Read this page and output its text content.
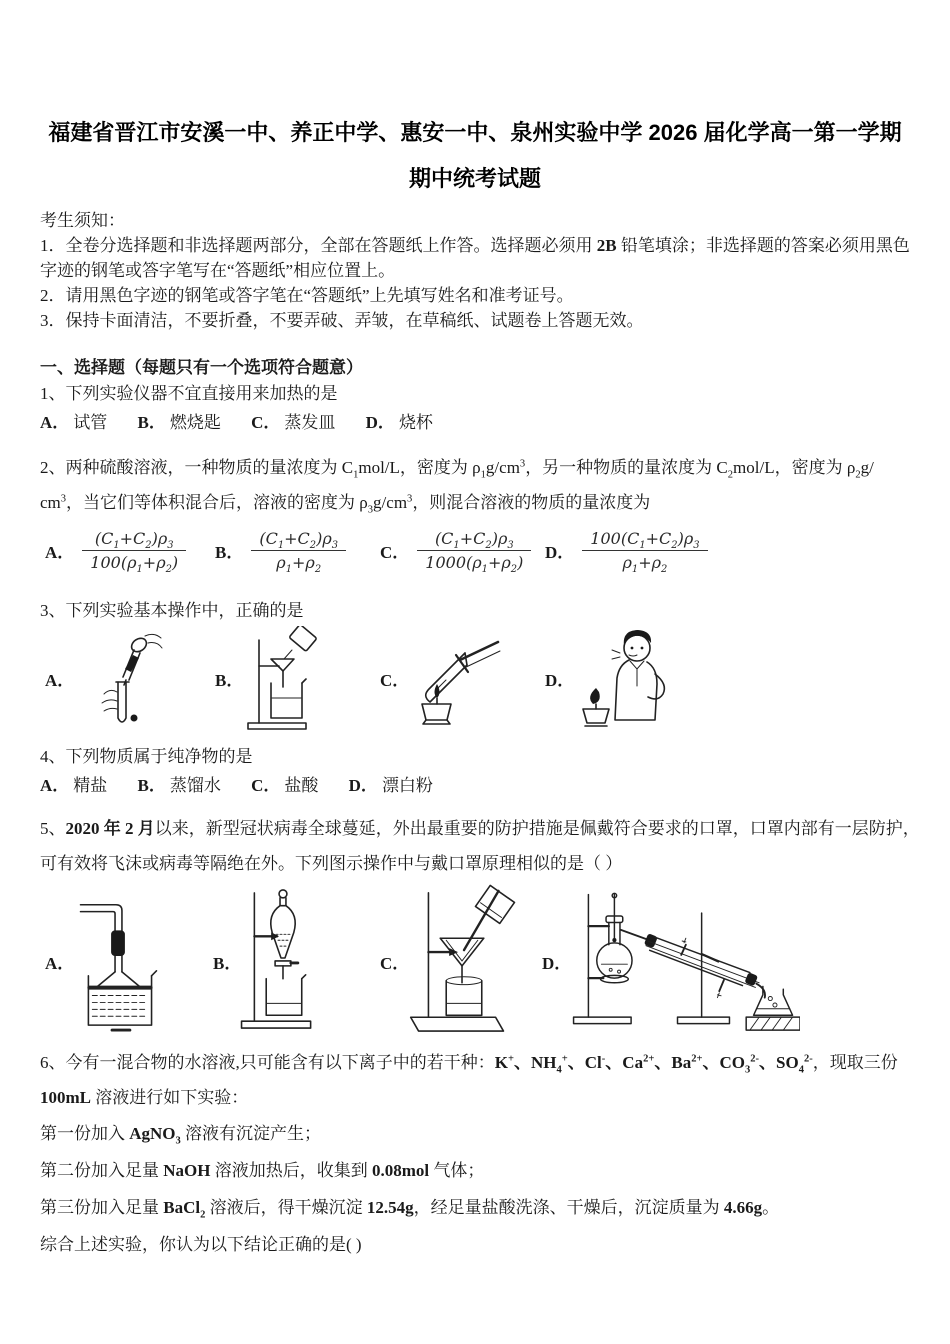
福建省晋江市安溪一中、养正中学、惠安一中、泉州实验中学 2026 届化学高一第一学期
期中统考试题

考生须知：

1．全卷分选择题和非选择题两部分，全部在答题纸上作答。选择题必须用 2B 铅笔填涂；非选择题的答案必须用黑色字迹的钢笔或答字笔写在“答题纸”相应位置上。

2．请用黑色字迹的钢笔或答字笔在“答题纸”上先填写姓名和准考证号。

3．保持卡面清洁，不要折叠，不要弄破、弄皱，在草稿纸、试题卷上答题无效。

一、选择题（每题只有一个选项符合题意）

1、下列实验仪器不宜直接用来加热的是

A． 试管 B． 燃烧匙 C． 蒸发皿 D． 烧杯

2、两种硫酸溶液，一种物质的量浓度为 $C_1mol/L$，密度为 $\rho_1g/cm^3$，另一种物质的量浓度为 $C_2mol/L$，密度为 $\rho_2g/$
$cm^3$，当它们等体积混合后，溶液的密度为 $\rho_3g/cm^3$，则混合溶液的物质的量浓度为
A． $\frac{(C_1+C_2)\rho_3}{100(\rho_1+\rho_2)}$ B． $\frac{(C_1+C_2)\rho_3}{\rho_1+\rho_2}$ C． $\frac{(C_1+C_2)\rho_3}{1000(\rho_1+\rho_2)}$ D． $\frac{100(C_1+C_2)\rho_3}{\rho_1+\rho_2}$

3、下列实验基本操作中，正确的是

A．	B．	C．	D．

4、下列物质属于纯净物的是

A． 精盐 B． 蒸馏水 C． 盐酸 D． 漂白粉

5、2020 年 2 月以来，新型冠状病毒全球蔓延，外出最重要的防护措施是佩戴符合要求的口罩，口罩内部有一层防护，
可有效将飞沫或病毒等隔绝在外。下列图示操作中与戴口罩原理相似的是（ ）
A．	B．	C．	D．
6、今有一混合物的水溶液,只可能含有以下离子中的若干种：K+、$NH_4^+$、Cl-、$Ca^{2+}$、$Ba^{2+}$、$CO_3^{2-}$、$SO_4^{2-}$，现取三份
100mL 溶液进行如下实验：

第一份加入 AgNO$_3$ 溶液有沉淀产生；

第二份加入足量 NaOH 溶液加热后，收集到 0.08mol 气体；

第三份加入足量 BaCl$_2$ 溶液后，得干燥沉淀 12.54g，经足量盐酸洗涤、干燥后，沉淀质量为 4.66g。

综合上述实验，你认为以下结论正确的是( )
